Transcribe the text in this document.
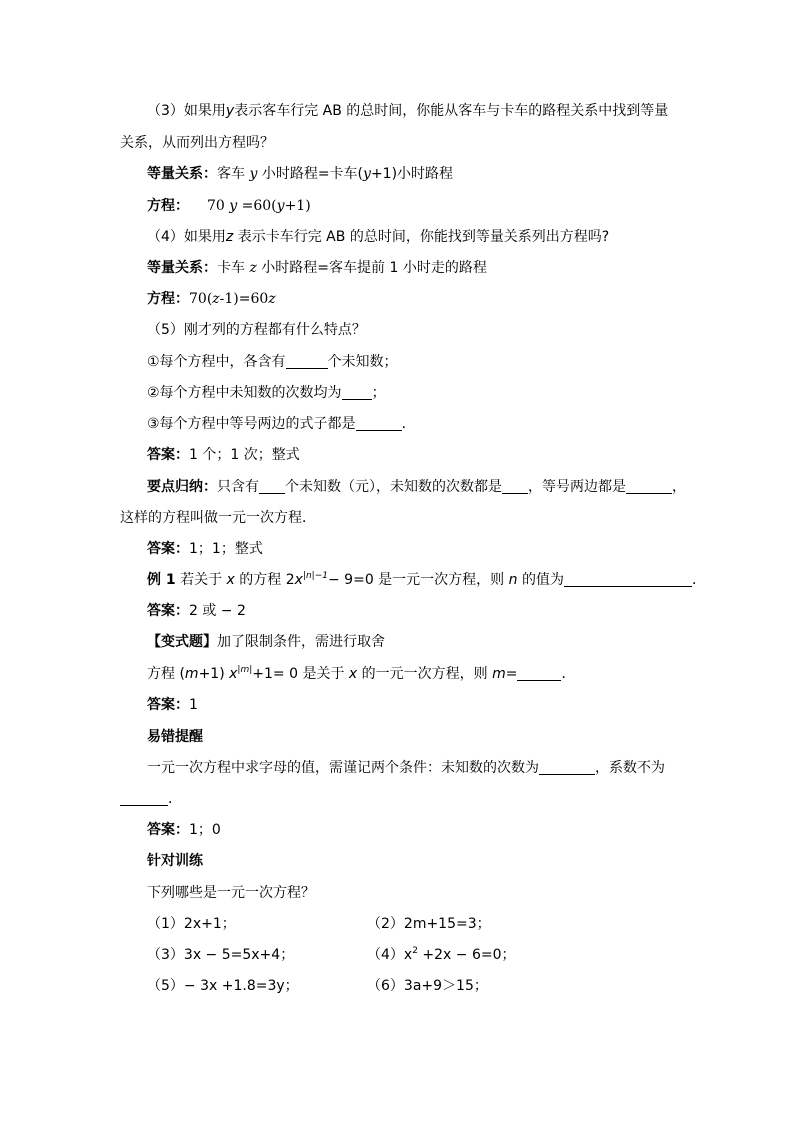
（3）如果用y表示客车行完 AB 的总时间，你能从客车与卡车的路程关系中找到等量
关系，从而列出方程吗？
等量关系：客车 y 小时路程=卡车(y+1)小时路程
方程： 70 y =60(y+1)
（4）如果用z 表示卡车行完 AB 的总时间，你能找到等量关系列出方程吗?
等量关系：卡车 z 小时路程=客车提前 1 小时走的路程
方程：70(z-1)=60z
（5）刚才列的方程都有什么特点？
①每个方程中，各含有	个未知数；
②每个方程中未知数的次数均为 ；
③每个方程中等号两边的式子都是	．
答案：1 个；1 次；整式
要点归纳：只含有 个未知数（元），未知数的次数都是 ，等号两边都是	，
这样的方程叫做一元一次方程．
答案：1；1；整式
例 1 若关于 x 的方程 $2x^{|n|-1}- 9=0$ 是一元一次方程，则 n 的值为	．
答案：2 或 − 2
【变式题】加了限制条件，需进行取舍
方程 (m+1) $x^{|m|}+1= 0$ 是关于 x 的一元一次方程，则 m=	．
答案：1
易错提醒
一元一次方程中求字母的值，需谨记两个条件：未知数的次数为	，系数不为
．
答案：1；0
针对训练
下列哪些是一元一次方程？
（1）2x+1；	（2）2m+15=3；
（3）3x − 5=5x+4；	$(4)x^2 +2x - 6=0$；
（5）− 3x +1.8=3y；	（6）3a+9＞15；
